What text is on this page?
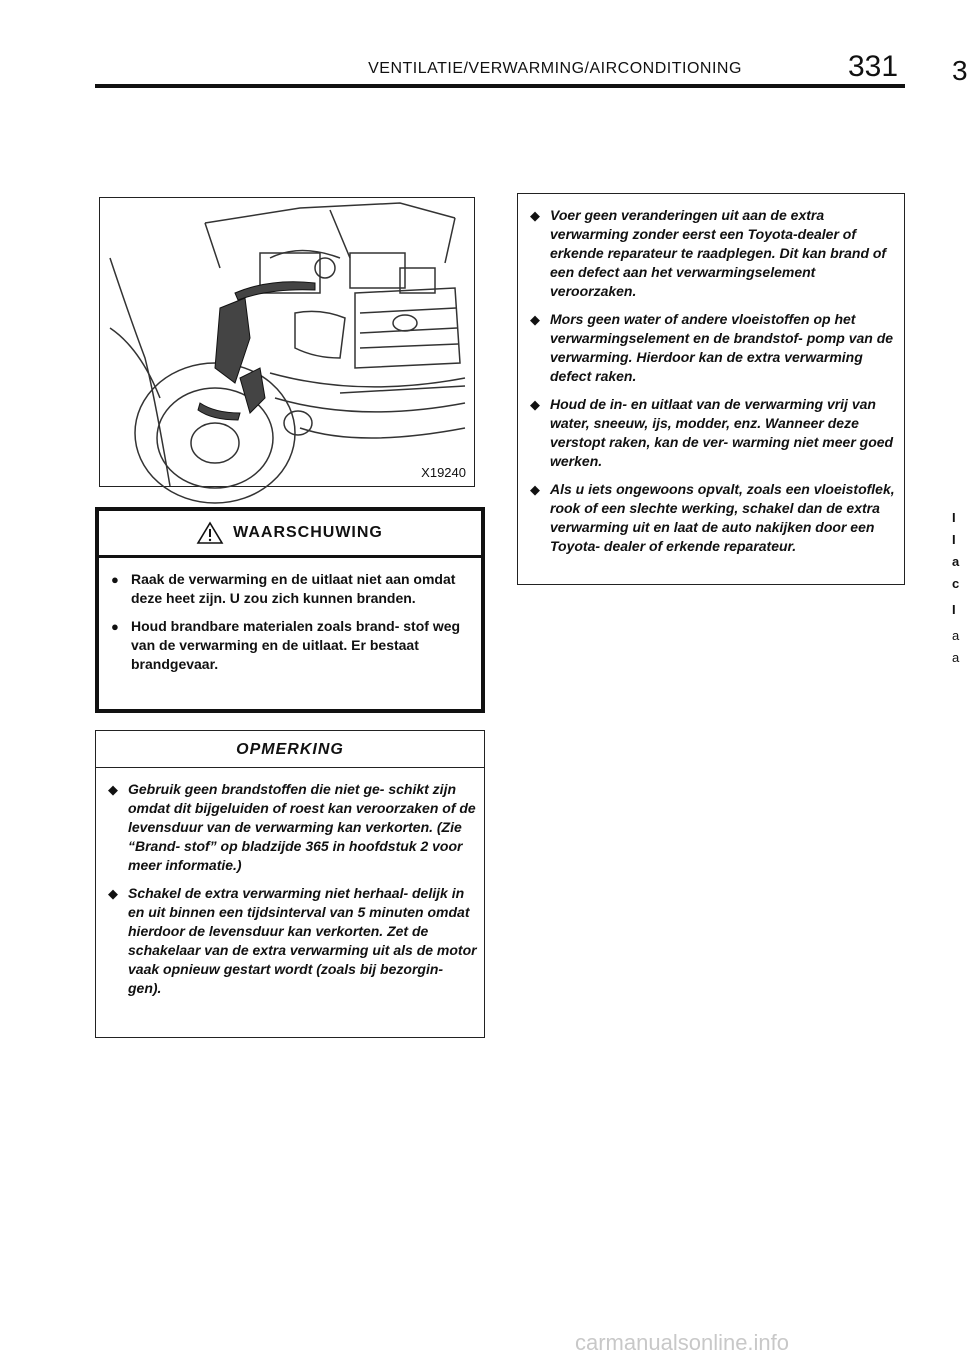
VENTILATIE/VERWARMING/AIRCONDITIONING	331 3
X19240
WAARSCHUWING
● Raak de verwarming en de uitlaat niet aan omdat deze heet zijn. U zou zich kunnen branden.
● Houd brandbare materialen zoals brand- stof weg van de verwarming en de uitlaat. Er bestaat brandgevaar.
OPMERKING
◆ Gebruik geen brandstoffen die niet ge- schikt zijn omdat dit bijgeluiden of roest kan veroorzaken of de levensduur van de verwarming kan verkorten. (Zie “Brand- stof” op bladzijde 365 in hoofdstuk 2 voor meer informatie.)
◆ Schakel de extra verwarming niet herhaal- delijk in en uit binnen een tijdsinterval van 5 minuten omdat hierdoor de levensduur kan verkorten. Zet de schakelaar van de extra verwarming uit als de motor vaak opnieuw gestart wordt (zoals bij bezorgin- gen).
◆ Voer geen veranderingen uit aan de extra verwarming zonder eerst een Toyota-dealer of erkende reparateur te raadplegen. Dit kan brand of een defect aan het verwarmingselement veroorzaken.
◆ Mors geen water of andere vloeistoffen op het verwarmingselement en de brandstof- pomp van de verwarming. Hierdoor kan de extra verwarming defect raken.
◆ Houd de in- en uitlaat van de verwarming vrij van water, sneeuw, ijs, modder, enz. Wanneer deze verstopt raken, kan de ver- warming niet meer goed werken.
◆ Als u iets ongewoons opvalt, zoals een vloeistoflek, rook of een slechte werking, schakel dan de extra verwarming uit en laat de auto nakijken door een Toyota- dealer of erkende reparateur.
I
I
a
c
I
a
a
carmanualsonline.info
